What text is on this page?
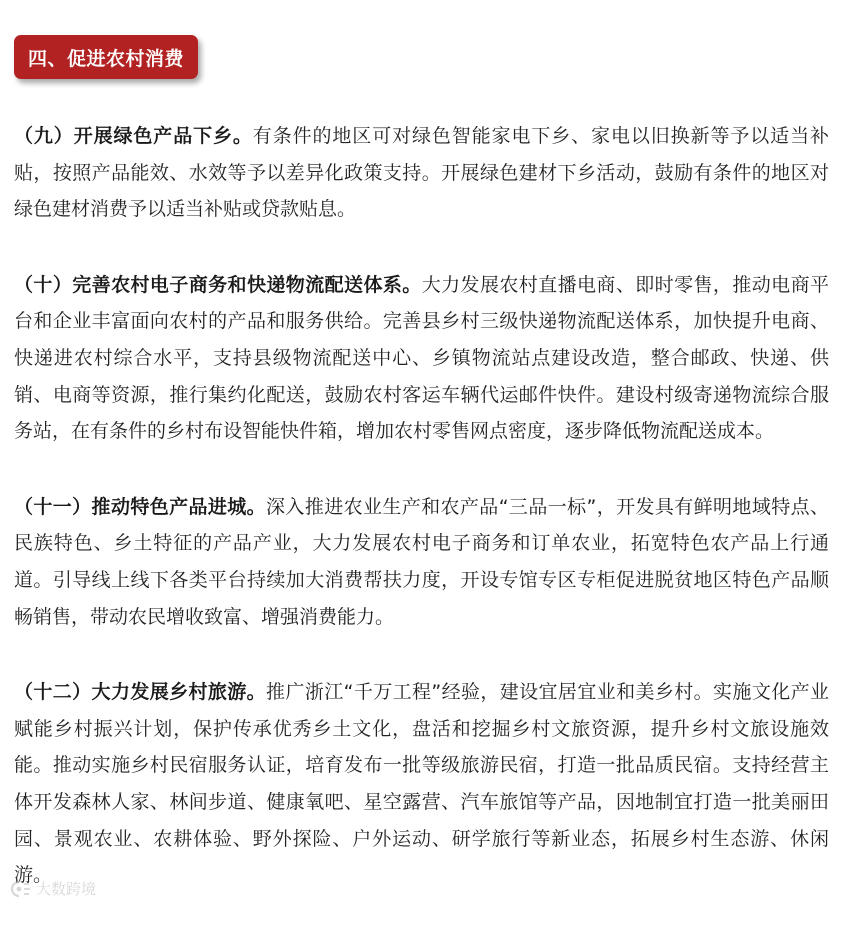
四、促进农村消费

（九）开展绿色产品下乡。有条件的地区可对绿色智能家电下乡、家电以旧换新等予以适当补贴，按照产品能效、水效等予以差异化政策支持。开展绿色建材下乡活动，鼓励有条件的地区对绿色建材消费予以适当补贴或贷款贴息。

（十）完善农村电子商务和快递物流配送体系。大力发展农村直播电商、即时零售，推动电商平台和企业丰富面向农村的产品和服务供给。完善县乡村三级快递物流配送体系，加快提升电商、快递进农村综合水平，支持县级物流配送中心、乡镇物流站点建设改造，整合邮政、快递、供销、电商等资源，推行集约化配送，鼓励农村客运车辆代运邮件快件。建设村级寄递物流综合服务站，在有条件的乡村布设智能快件箱，增加农村零售网点密度，逐步降低物流配送成本。

（十一）推动特色产品进城。深入推进农业生产和农产品“三品一标”，开发具有鲜明地域特点、民族特色、乡土特征的产品产业，大力发展农村电子商务和订单农业，拓宽特色农产品上行通道。引导线上线下各类平台持续加大消费帮扶力度，开设专馆专区专柜促进脱贫地区特色产品顺畅销售，带动农民增收致富、增强消费能力。

（十二）大力发展乡村旅游。推广浙江“千万工程”经验，建设宜居宜业和美乡村。实施文化产业赋能乡村振兴计划，保护传承优秀乡土文化，盘活和挖掘乡村文旅资源，提升乡村文旅设施效能。推动实施乡村民宿服务认证，培育发布一批等级旅游民宿，打造一批品质民宿。支持经营主体开发森林人家、林间步道、健康氧吧、星空露营、汽车旅馆等产品，因地制宜打造一批美丽田园、景观农业、农耕体验、野外探险、户外运动、研学旅行等新业态，拓展乡村生态游、休闲游。

大数跨境
